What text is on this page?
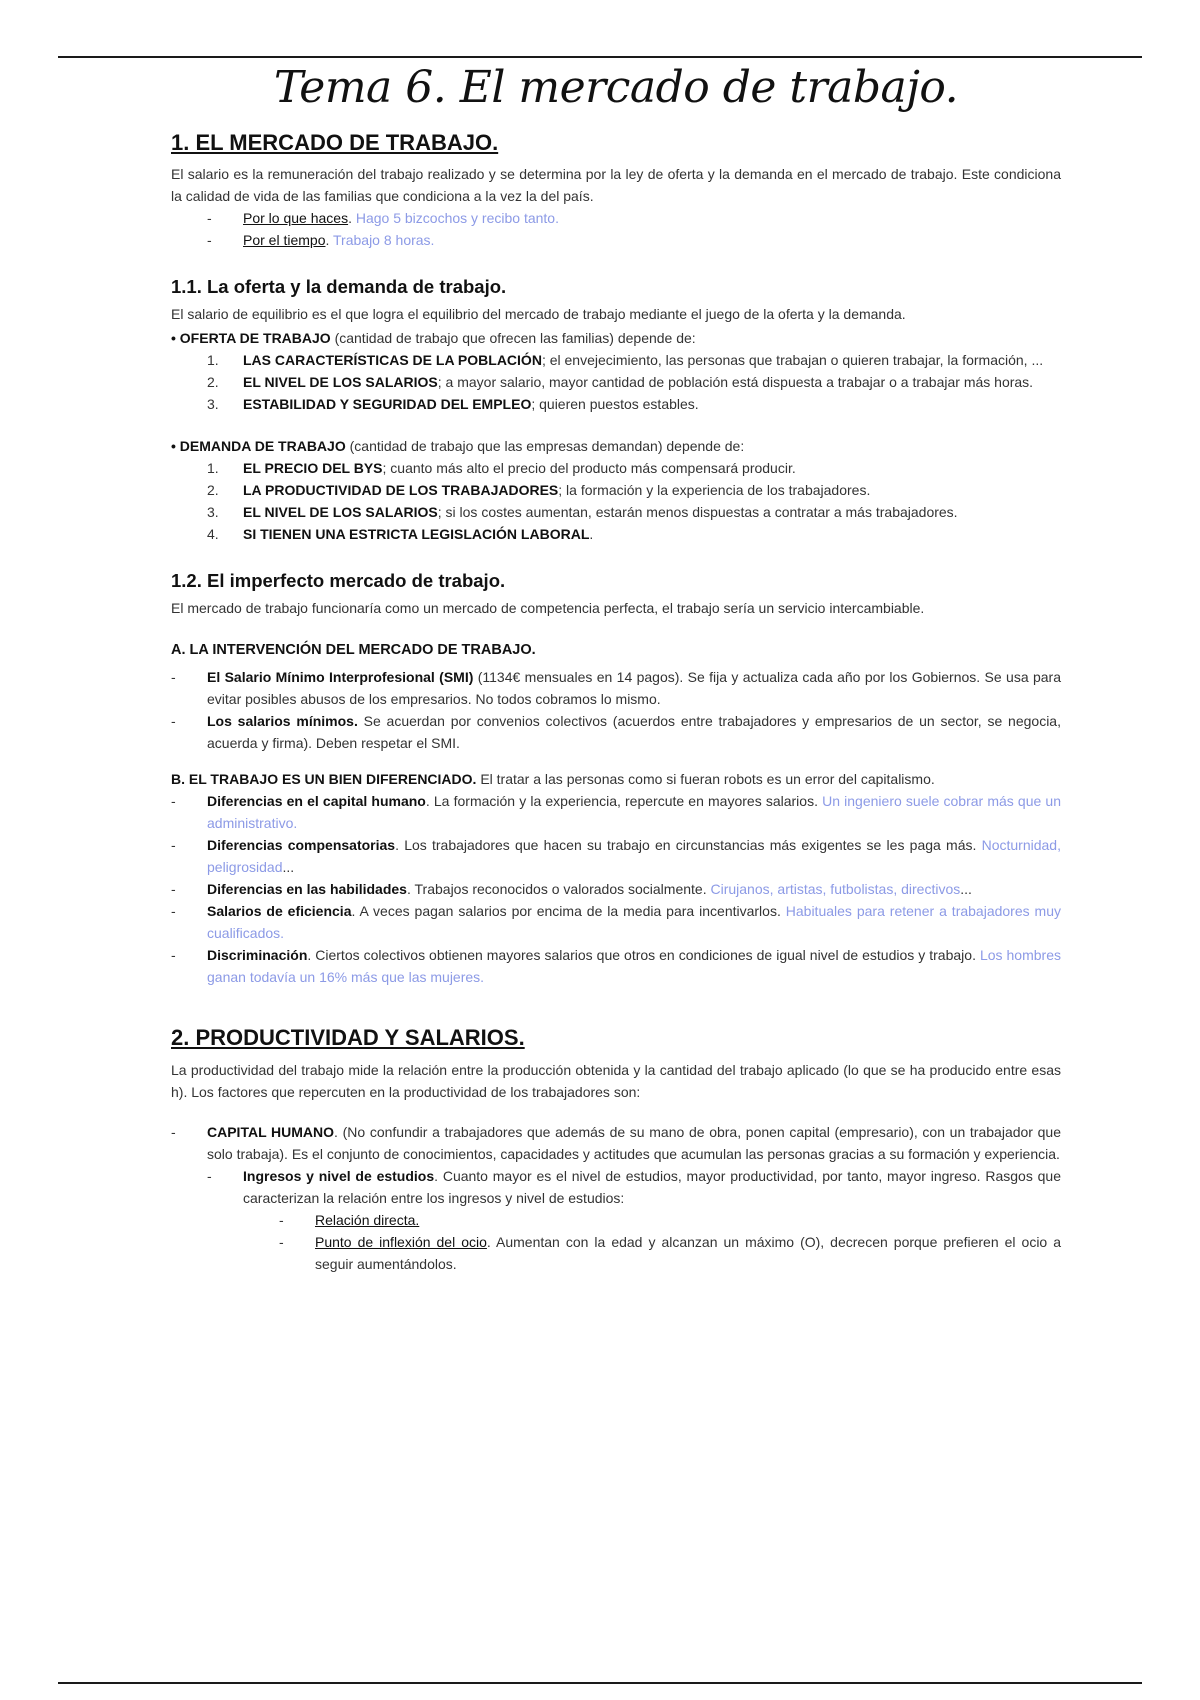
Tema 6. El mercado de trabajo.
1. EL MERCADO DE TRABAJO.

El salario es la remuneración del trabajo realizado y se determina por la ley de oferta y la demanda en el mercado de trabajo. Este condiciona la calidad de vida de las familias que condiciona a la vez la del país.

- Por lo que haces. Hago 5 bizcochos y recibo tanto.
- Por el tiempo. Trabajo 8 horas.
1.1. La oferta y la demanda de trabajo.

El salario de equilibrio es el que logra el equilibrio del mercado de trabajo mediante el juego de la oferta y la demanda.

• OFERTA DE TRABAJO (cantidad de trabajo que ofrecen las familias) depende de:
1. LAS CARACTERÍSTICAS DE LA POBLACIÓN; el envejecimiento, las personas que trabajan o quieren trabajar, la formación, ...
2. EL NIVEL DE LOS SALARIOS; a mayor salario, mayor cantidad de población está dispuesta a trabajar o a trabajar más horas.
3. ESTABILIDAD Y SEGURIDAD DEL EMPLEO; quieren puestos estables.
• DEMANDA DE TRABAJO (cantidad de trabajo que las empresas demandan) depende de:
1. EL PRECIO DEL BYS; cuanto más alto el precio del producto más compensará producir.
2. LA PRODUCTIVIDAD DE LOS TRABAJADORES; la formación y la experiencia de los trabajadores.
3. EL NIVEL DE LOS SALARIOS; si los costes aumentan, estarán menos dispuestas a contratar a más trabajadores.
4. SI TIENEN UNA ESTRICTA LEGISLACIÓN LABORAL.
1.2. El imperfecto mercado de trabajo.

El mercado de trabajo funcionaría como un mercado de competencia perfecta, el trabajo sería un servicio intercambiable.

A. LA INTERVENCIÓN DEL MERCADO DE TRABAJO.
- El Salario Mínimo Interprofesional (SMI) (1134€ mensuales en 14 pagos). Se fija y actualiza cada año por los Gobiernos. Se usa para evitar posibles abusos de los empresarios. No todos cobramos lo mismo.
- Los salarios mínimos. Se acuerdan por convenios colectivos (acuerdos entre trabajadores y empresarios de un sector, se negocia, acuerda y firma). Deben respetar el SMI.

B. EL TRABAJO ES UN BIEN DIFERENCIADO. El tratar a las personas como si fueran robots es un error del capitalismo.

- Diferencias en el capital humano. La formación y la experiencia, repercute en mayores salarios. Un ingeniero suele cobrar más que un administrativo.
- Diferencias compensatorias. Los trabajadores que hacen su trabajo en circunstancias más exigentes se les paga más. Nocturnidad, peligrosidad...
- Diferencias en las habilidades. Trabajos reconocidos o valorados socialmente. Cirujanos, artistas, futbolistas, directivos...
- Salarios de eficiencia. A veces pagan salarios por encima de la media para incentivarlos. Habituales para retener a trabajadores muy cualificados.
- Discriminación. Ciertos colectivos obtienen mayores salarios que otros en condiciones de igual nivel de estudios y trabajo. Los hombres ganan todavía un 16% más que las mujeres.
2. PRODUCTIVIDAD Y SALARIOS.

La productividad del trabajo mide la relación entre la producción obtenida y la cantidad del trabajo aplicado (lo que se ha producido entre esas h). Los factores que repercuten en la productividad de los trabajadores son:

- CAPITAL HUMANO. (No confundir a trabajadores que además de su mano de obra, ponen capital (empresario), con un trabajador que solo trabaja). Es el conjunto de conocimientos, capacidades y actitudes que acumulan las personas gracias a su formación y experiencia.
- Ingresos y nivel de estudios. Cuanto mayor es el nivel de estudios, mayor productividad, por tanto, mayor ingreso. Rasgos que caracterizan la relación entre los ingresos y nivel de estudios:
- Relación directa.
- Punto de inflexión del ocio. Aumentan con la edad y alcanzan un máximo (O), decrecen porque prefieren el ocio a seguir aumentándolos.
